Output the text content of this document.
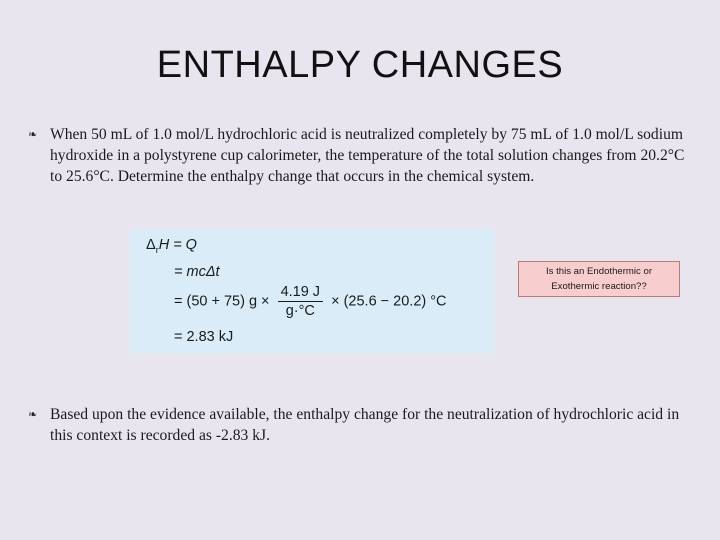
ENTHALPY CHANGES
❧ When 50 mL of 1.0 mol/L hydrochloric acid is neutralized completely by 75 mL of 1.0 mol/L sodium hydroxide in a polystyrene cup calorimeter, the temperature of the total solution changes from 20.2°C to 25.6°C. Determine the enthalpy change that occurs in the chemical system.
$\Delta_rH = Q$
= mcΔt
= (50 + 75) $g \times \frac{4.19 J}{g\cdot^\circ C} \times (25.6 - 20.2)$ °C
= 2.83 kJ
Is this an Endothermic or Exothermic reaction??
❧ Based upon the evidence available, the enthalpy change for the neutralization of hydrochloric acid in this context is recorded as -2.83 kJ.
